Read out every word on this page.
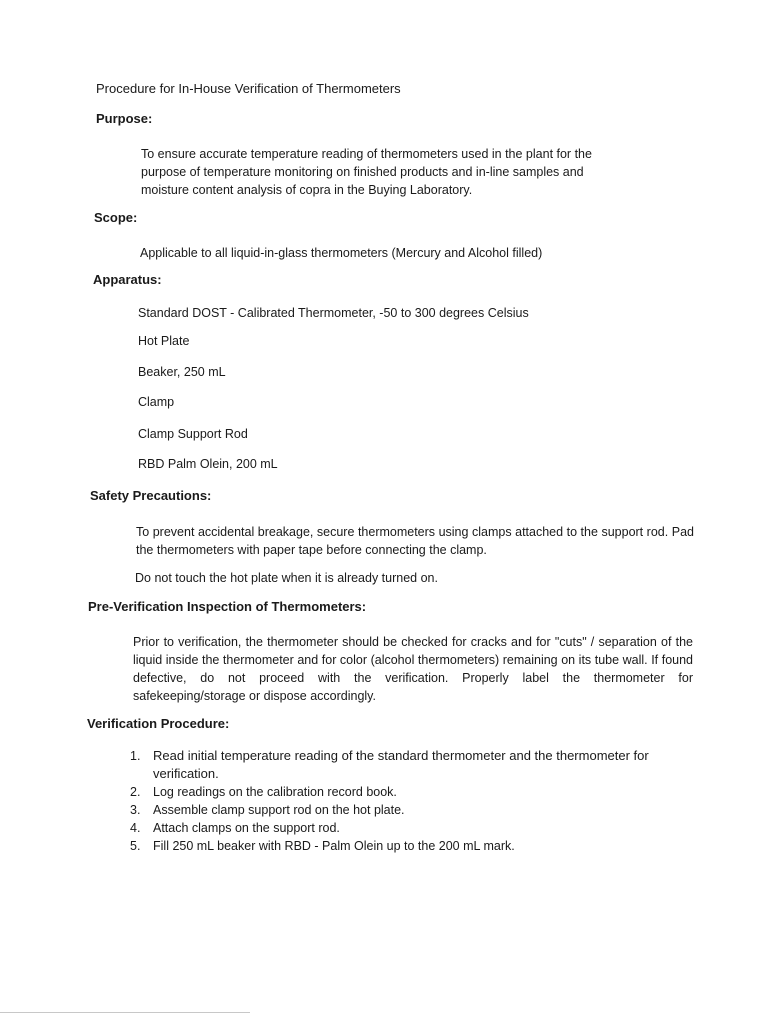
Procedure for In-House Verification of Thermometers
Purpose:

To ensure accurate temperature reading of thermometers used in the plant for the purpose of temperature monitoring on finished products and in-line samples and moisture content analysis of copra in the Buying Laboratory.

Scope:

Applicable to all liquid-in-glass thermometers (Mercury and Alcohol filled)

Apparatus:

Standard DOST - Calibrated Thermometer, -50 to 300 degrees Celsius

Hot Plate

Beaker, 250 mL

Clamp

Clamp Support Rod

RBD Palm Olein, 200 mL

Safety Precautions:

To prevent accidental breakage, secure thermometers using clamps attached to the support rod. Pad the thermometers with paper tape before connecting the clamp.

Do not touch the hot plate when it is already turned on.

Pre-Verification Inspection of Thermometers:

Prior to verification, the thermometer should be checked for cracks and for "cuts" / separation of the liquid inside the thermometer and for color (alcohol thermometers) remaining on its tube wall. If found defective, do not proceed with the verification. Properly label the thermometer for safekeeping/storage or dispose accordingly.

Verification Procedure:
1. Read initial temperature reading of the standard thermometer and the thermometer for verification.
2.	Log readings on the calibration record book.
3.	Assemble clamp support rod on the hot plate.
4.	Attach clamps on the support rod.
5.	Fill 250 mL beaker with RBD - Palm Olein up to the 200 mL mark.
